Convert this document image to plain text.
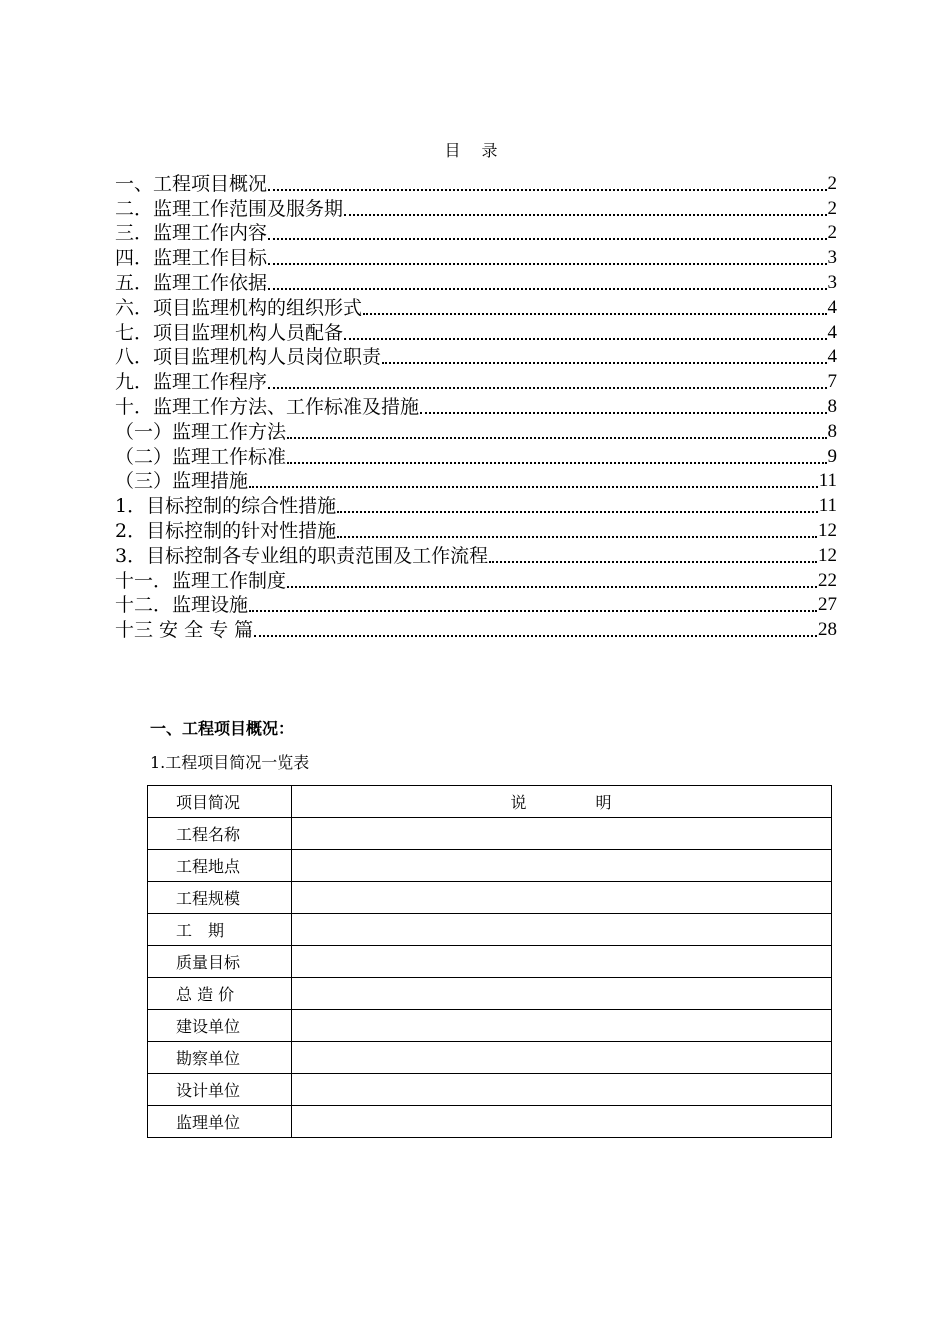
目 录
一、工程项目概况	2
二．监理工作范围及服务期	2
三．监理工作内容	2
四．监理工作目标	3
五．监理工作依据	3
六．项目监理机构的组织形式	4
七．项目监理机构人员配备	4
八．项目监理机构人员岗位职责	4
九．监理工作程序	7
十．监理工作方法、工作标准及措施	8
（一）监理工作方法	8
（二）监理工作标准	9
（三）监理措施	11
1．目标控制的综合性措施	11
2．目标控制的针对性措施	12
3．目标控制各专业组的职责范围及工作流程	12
十一．监理工作制度	22
十二．监理设施	27
十三 安 全 专 篇	28
一、工程项目概况：
1.工程项目简况一览表
项目简况	说　　　　明
工程名称	
工程地点	
工程规模	
工　期	
质量目标	
总 造 价	
建设单位	
勘察单位	
设计单位	
监理单位	
